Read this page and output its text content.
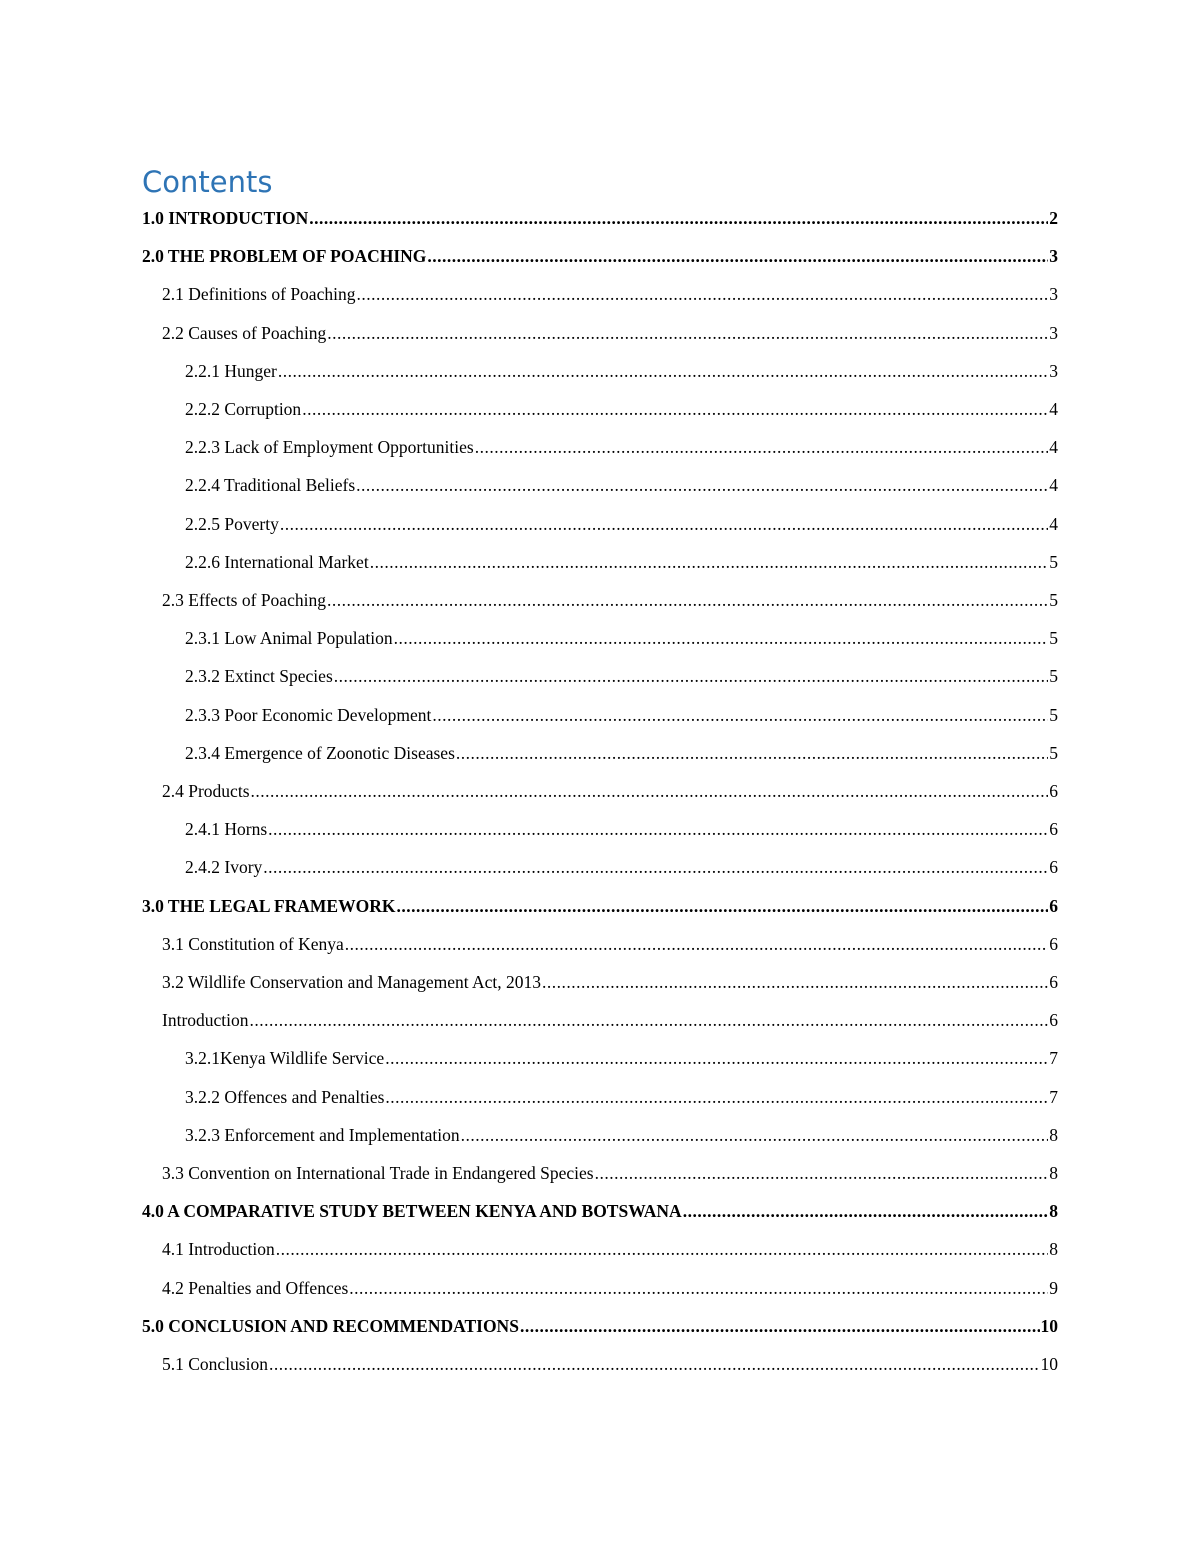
Contents
1.0 INTRODUCTION .....	2
2.0 THE PROBLEM OF POACHING .....	3
2.1 Definitions of Poaching .....	3
2.2 Causes of Poaching .....	3
2.2.1 Hunger .....	3
2.2.2 Corruption .....	4
2.2.3 Lack of Employment Opportunities .....	4
2.2.4 Traditional Beliefs .....	4
2.2.5 Poverty .....	4
2.2.6 International Market .....	5
2.3 Effects of Poaching .....	5
2.3.1 Low Animal Population .....	5
2.3.2 Extinct Species .....	5
2.3.3 Poor Economic Development .....	5
2.3.4 Emergence of Zoonotic Diseases .....	5
2.4 Products .....	6
2.4.1 Horns .....	6
2.4.2 Ivory .....	6
3.0 THE LEGAL FRAMEWORK .....	6
3.1 Constitution of Kenya .....	6
3.2 Wildlife Conservation and Management Act, 2013 .....	6
Introduction .....	6
3.2.1Kenya Wildlife Service .....	7
3.2.2 Offences and Penalties .....	7
3.2.3 Enforcement and Implementation .....	8
3.3 Convention on International Trade in Endangered Species .....	8
4.0 A COMPARATIVE STUDY BETWEEN KENYA AND BOTSWANA .....	8
4.1 Introduction .....	8
4.2 Penalties and Offences .....	9
5.0 CONCLUSION AND RECOMMENDATIONS .....	10
5.1 Conclusion .....	10
